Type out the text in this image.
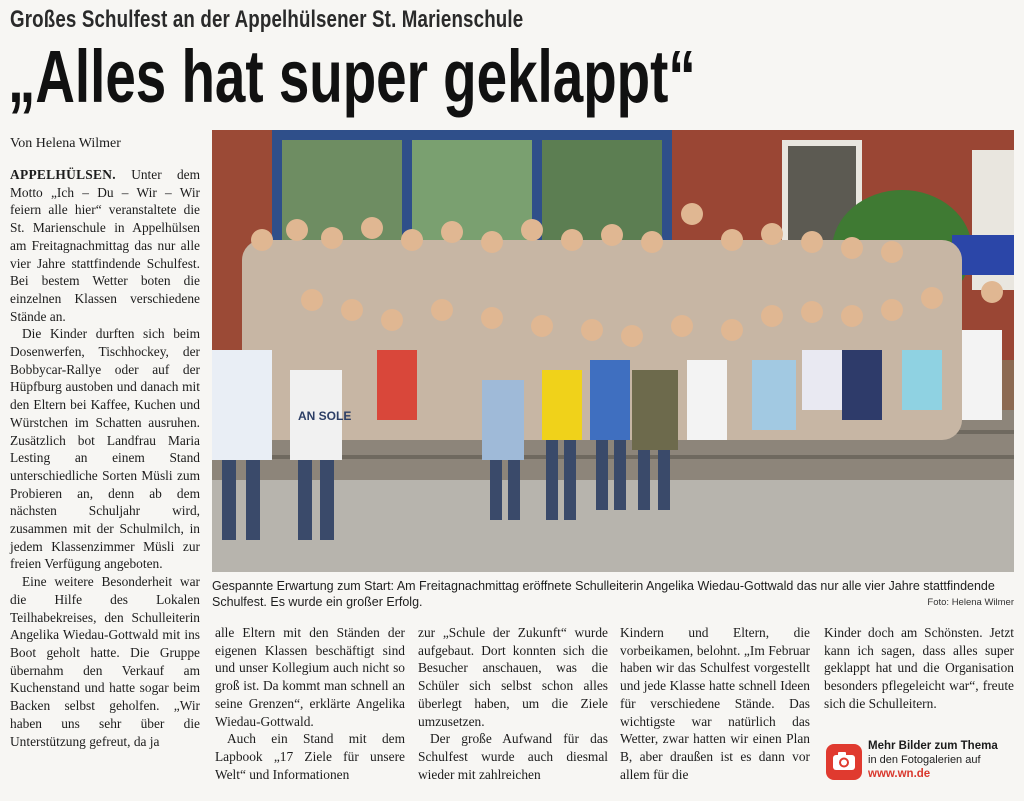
Großes Schulfest an der Appelhülsener St. Marienschule
„Alles hat super geklappt“
Von Helena Wilmer

APPELHÜLSEN. Unter dem Motto „Ich – Du – Wir – Wir feiern alle hier“ veranstaltete die St. Marienschule in Appelhülsen am Freitagnachmittag das nur alle vier Jahre stattfindende Schulfest. Bei bestem Wetter boten die einzelnen Klassen verschiedene Stände an.

Die Kinder durften sich beim Dosenwerfen, Tischhockey, der Bobbycar-Rallye oder auf der Hüpfburg austoben und danach mit den Eltern bei Kaffee, Kuchen und Würstchen im Schatten ausruhen. Zusätzlich bot Landfrau Maria Lesting an einem Stand unterschiedliche Sorten Müsli zum Probieren an, denn ab dem nächsten Schuljahr wird, zusammen mit der Schulmilch, in jedem Klassenzimmer Müsli zur freien Verfügung angeboten.

Eine weitere Besonderheit war die Hilfe des Lokalen Teilhabekreises, den Schulleiterin Angelika Wiedau-Gottwald mit ins Boot geholt hatte. Die Gruppe übernahm den Verkauf am Kuchenstand und hatte sogar beim Backen selbst geholfen. „Wir haben uns sehr über die Unterstützung gefreut, da ja

AN SOLE
Gespannte Erwartung zum Start: Am Freitagnachmittag eröffnete Schulleiterin Angelika Wiedau-Gottwald das nur alle vier Jahre stattfindende Schulfest. Es wurde ein großer Erfolg.	Foto: Helena Wilmer

alle Eltern mit den Ständen der eigenen Klassen beschäftigt sind und unser Kollegium auch nicht so groß ist. Da kommt man schnell an seine Grenzen“, erklärte Angelika Wiedau-Gottwald.

Auch ein Stand mit dem Lapbook „17 Ziele für unsere Welt“ und Informationen

zur „Schule der Zukunft“ wurde aufgebaut. Dort konnten sich die Besucher anschauen, was die Schüler sich selbst schon alles überlegt haben, um die Ziele umzusetzen.

Der große Aufwand für das Schulfest wurde auch diesmal wieder mit zahlreichen

Kindern und Eltern, die vorbeikamen, belohnt. „Im Februar haben wir das Schulfest vorgestellt und jede Klasse hatte schnell Ideen für verschiedene Stände. Das wichtigste war natürlich das Wetter, zwar hatten wir einen Plan B, aber draußen ist es dann vor allem für die

Kinder doch am Schönsten. Jetzt kann ich sagen, dass alles super geklappt hat und die Organisation besonders pflegeleicht war“, freute sich die Schulleitern.

Mehr Bilder zum Thema
in den Fotogalerien auf
www.wn.de
